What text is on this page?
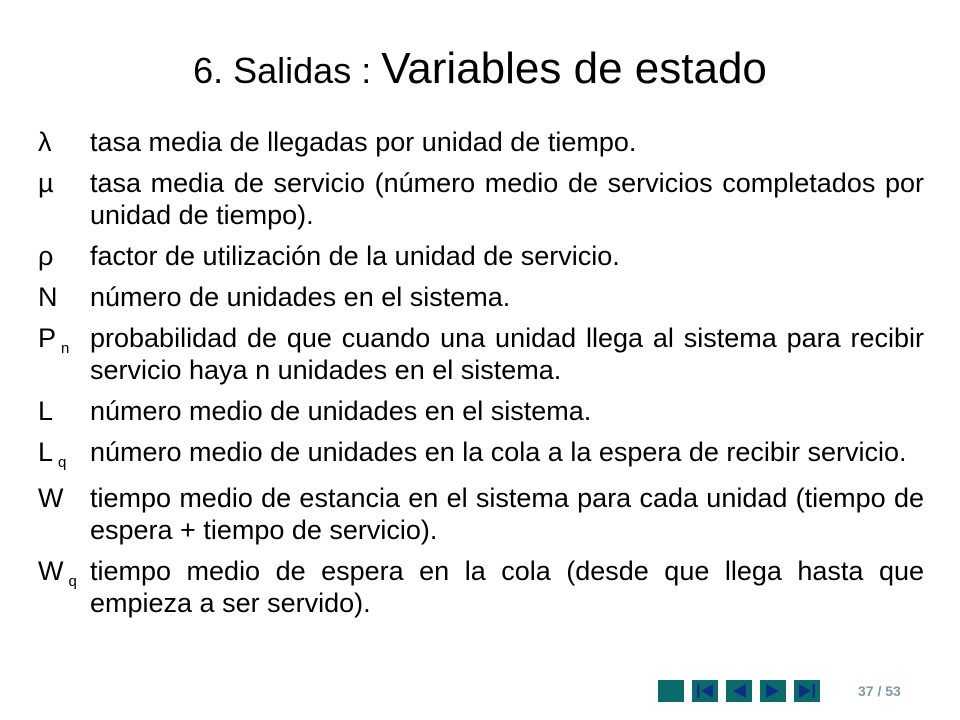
6. Salidas : Variables de estado
λ	tasa media de llegadas por unidad de tiempo.
µ	tasa media de servicio (número medio de servicios completados por unidad de tiempo).
ρ	factor de utilización de la unidad de servicio.
N	número de unidades en el sistema.
P $_n$ probabilidad de que cuando una unidad llega al sistema para recibir servicio haya n unidades en el sistema.
L	número medio de unidades en el sistema.
L $_q$ número medio de unidades en la cola a la espera de recibir servicio.
W tiempo medio de estancia en el sistema para cada unidad (tiempo de espera + tiempo de servicio).
W $_q$ tiempo medio de espera en la cola (desde que llega hasta que empieza a ser servido).
37 / 53
